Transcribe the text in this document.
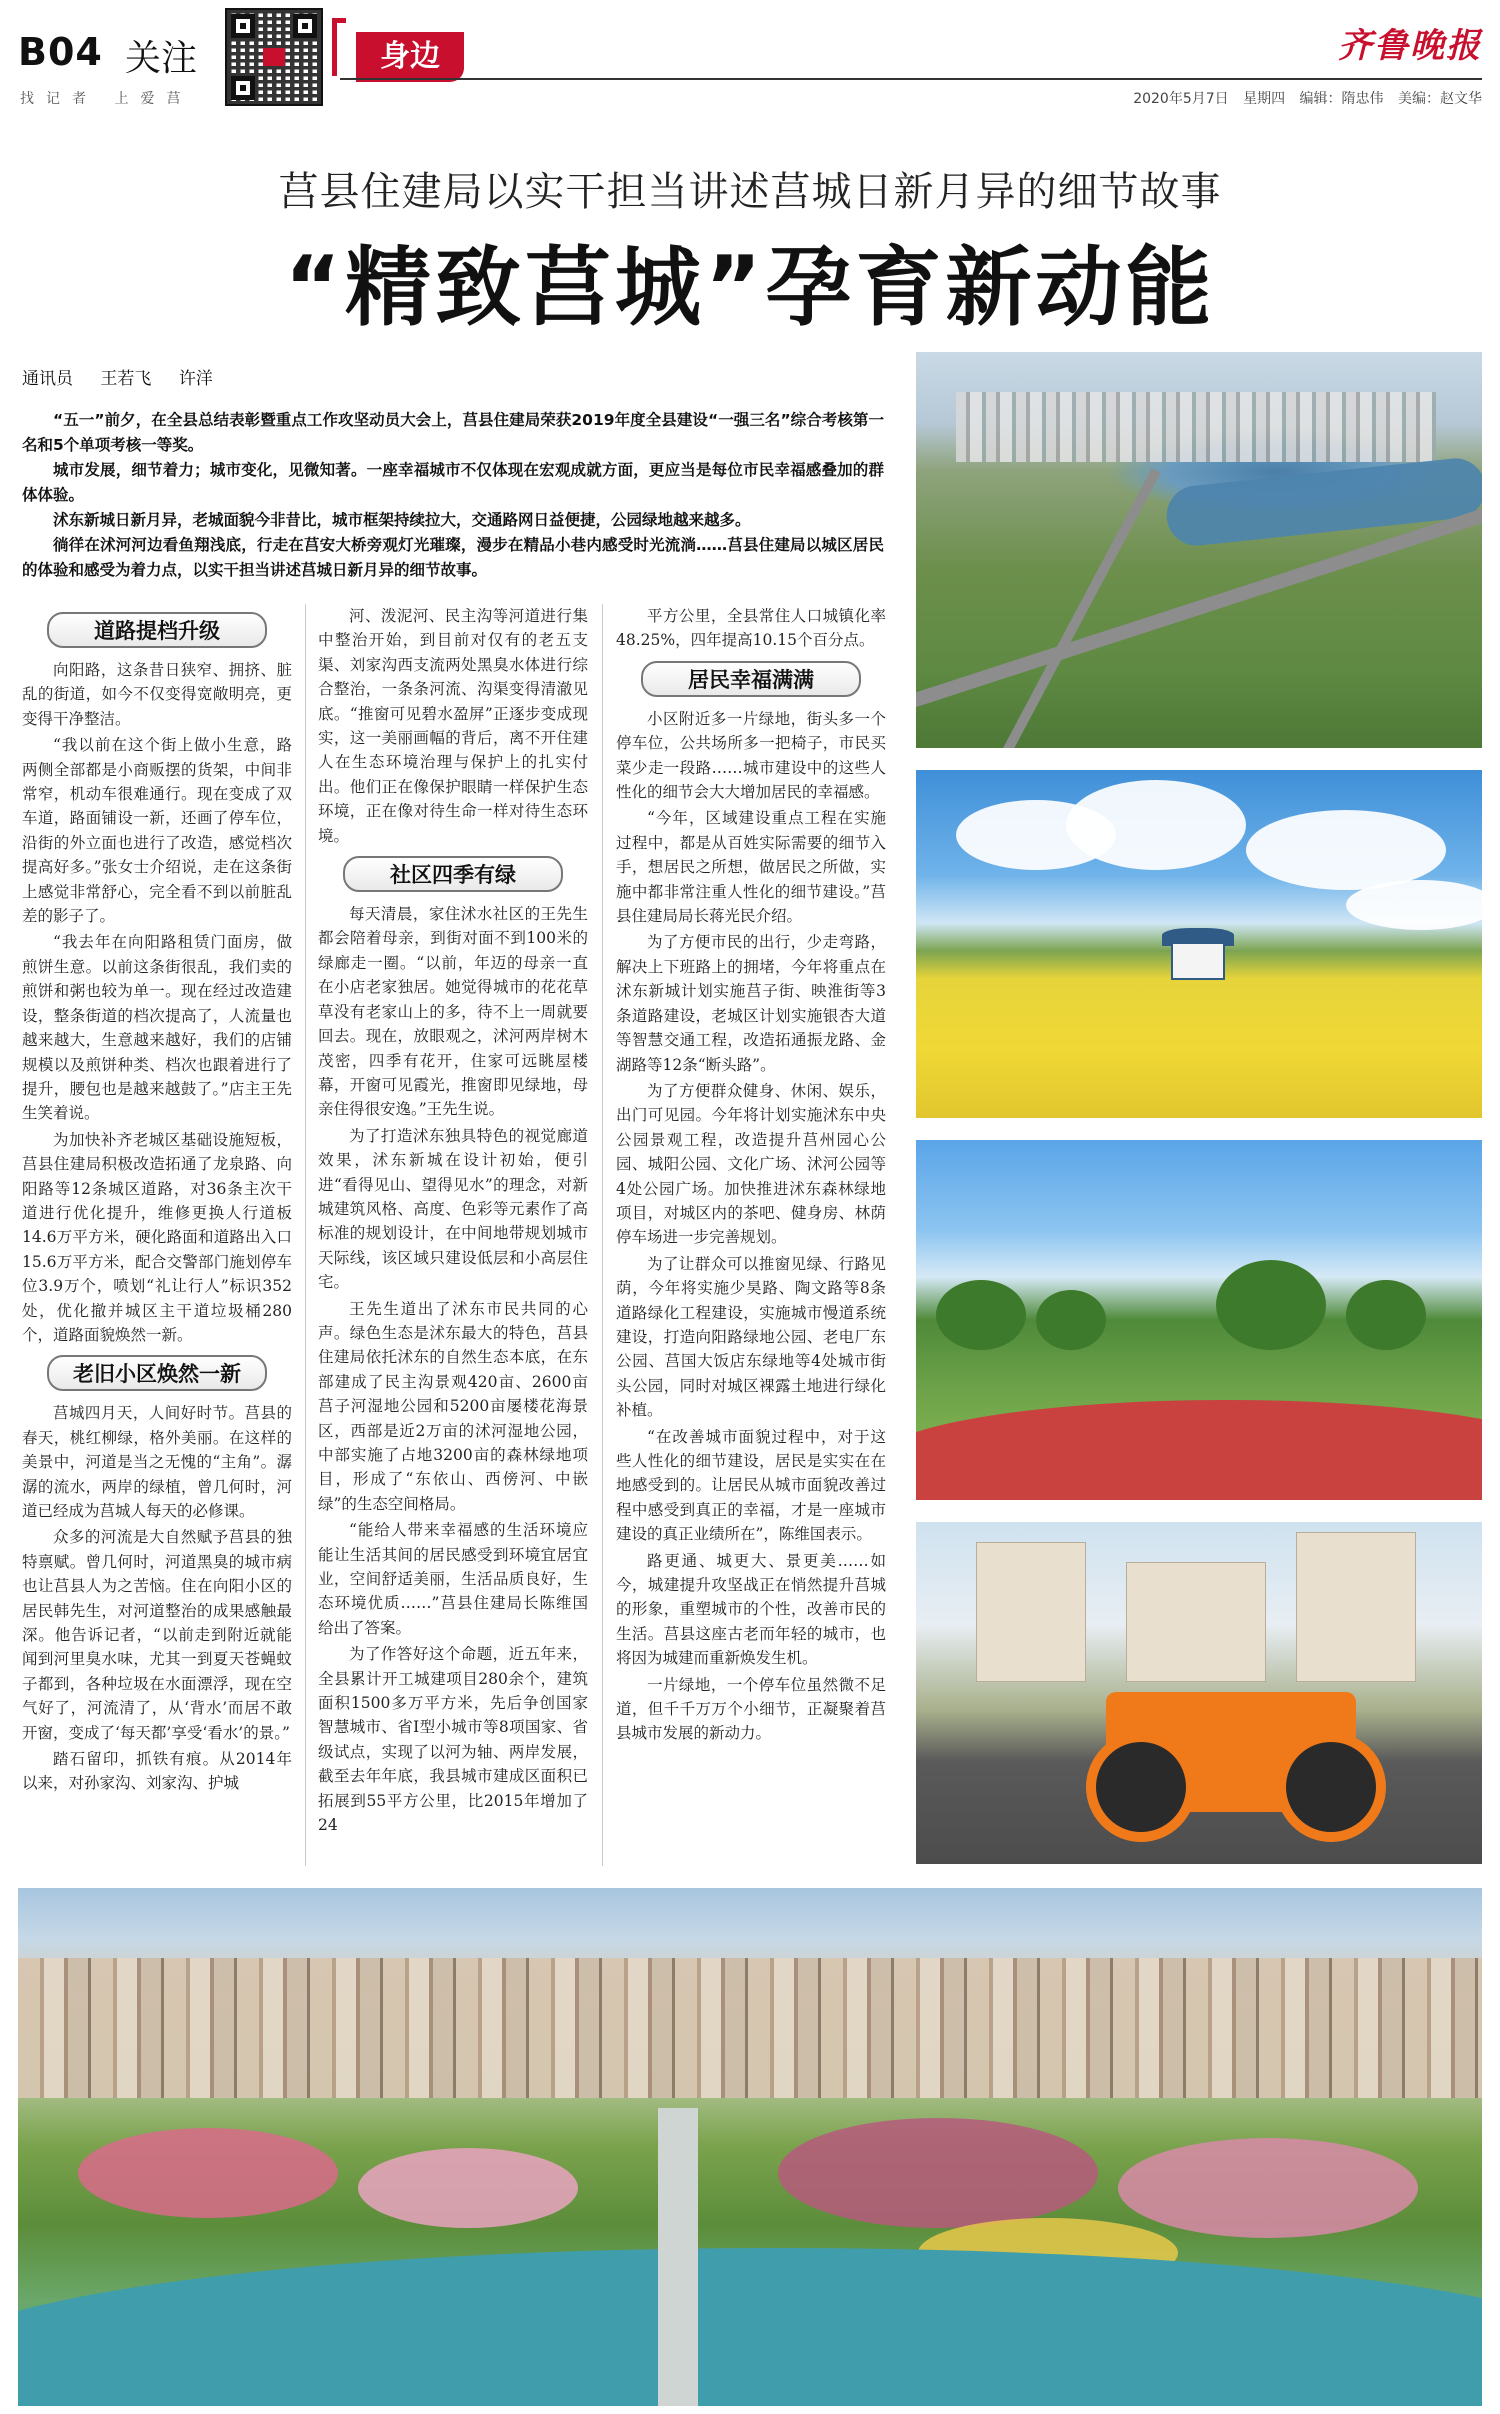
B04 关注
找记者 上爱莒
身边	齐鲁晚报
2020年5月7日 星期四 编辑：隋忠伟 美编：赵文华
莒县住建局以实干担当讲述莒城日新月异的细节故事
“精致莒城”孕育新动能
通讯员 王若飞 许洋

“五一”前夕，在全县总结表彰暨重点工作攻坚动员大会上，莒县住建局荣获2019年度全县建设“一强三名”综合考核第一名和5个单项考核一等奖。

城市发展，细节着力；城市变化，见微知著。一座幸福城市不仅体现在宏观成就方面，更应当是每位市民幸福感叠加的群体体验。

沭东新城日新月异，老城面貌今非昔比，城市框架持续拉大，交通路网日益便捷，公园绿地越来越多。

徜徉在沭河河边看鱼翔浅底，行走在莒安大桥旁观灯光璀璨，漫步在精品小巷内感受时光流淌……莒县住建局以城区居民的体验和感受为着力点，以实干担当讲述莒城日新月异的细节故事。

道路提档升级

向阳路，这条昔日狭窄、拥挤、脏乱的街道，如今不仅变得宽敞明亮，更变得干净整洁。

“我以前在这个街上做小生意，路两侧全部都是小商贩摆的货架，中间非常窄，机动车很难通行。现在变成了双车道，路面铺设一新，还画了停车位，沿街的外立面也进行了改造，感觉档次提高好多。”张女士介绍说，走在这条街上感觉非常舒心，完全看不到以前脏乱差的影子了。

“我去年在向阳路租赁门面房，做煎饼生意。以前这条街很乱，我们卖的煎饼和粥也较为单一。现在经过改造建设，整条街道的档次提高了，人流量也越来越大，生意越来越好，我们的店铺规模以及煎饼种类、档次也跟着进行了提升，腰包也是越来越鼓了。”店主王先生笑着说。

为加快补齐老城区基础设施短板，莒县住建局积极改造拓通了龙泉路、向阳路等12条城区道路，对36条主次干道进行优化提升，维修更换人行道板14.6万平方米，硬化路面和道路出入口15.6万平方米，配合交警部门施划停车位3.9万个，喷划“礼让行人”标识352处，优化撤并城区主干道垃圾桶280个，道路面貌焕然一新。

老旧小区焕然一新

莒城四月天，人间好时节。莒县的春天，桃红柳绿，格外美丽。在这样的美景中，河道是当之无愧的“主角”。潺潺的流水，两岸的绿植，曾几何时，河道已经成为莒城人每天的必修课。

众多的河流是大自然赋予莒县的独特禀赋。曾几何时，河道黑臭的城市病也让莒县人为之苦恼。住在向阳小区的居民韩先生，对河道整治的成果感触最深。他告诉记者，“以前走到附近就能闻到河里臭水味，尤其一到夏天苍蝇蚊子都到，各种垃圾在水面漂浮，现在空气好了，河流清了，从‘背水’而居不敢开窗，变成了‘每天都’享受‘看水’的景。”

踏石留印，抓铁有痕。从2014年以来，对孙家沟、刘家沟、护城

河、泼泥河、民主沟等河道进行集中整治开始，到目前对仅有的老五支渠、刘家沟西支流两处黑臭水体进行综合整治，一条条河流、沟渠变得清澈见底。“推窗可见碧水盈屏”正逐步变成现实，这一美丽画幅的背后，离不开住建人在生态环境治理与保护上的扎实付出。他们正在像保护眼睛一样保护生态环境，正在像对待生命一样对待生态环境。

社区四季有绿

每天清晨，家住沭水社区的王先生都会陪着母亲，到街对面不到100米的绿廊走一圈。“以前，年迈的母亲一直在小店老家独居。她觉得城市的花花草草没有老家山上的多，待不上一周就要回去。现在，放眼观之，沭河两岸树木茂密，四季有花开，住家可远眺屋楼幕，开窗可见霞光，推窗即见绿地，母亲住得很安逸。”王先生说。

为了打造沭东独具特色的视觉廊道效果，沭东新城在设计初始，便引进“看得见山、望得见水”的理念，对新城建筑风格、高度、色彩等元素作了高标准的规划设计，在中间地带规划城市天际线，该区域只建设低层和小高层住宅。

王先生道出了沭东市民共同的心声。绿色生态是沭东最大的特色，莒县住建局依托沭东的自然生态本底，在东部建成了民主沟景观420亩、2600亩莒子河湿地公园和5200亩屡楼花海景区，西部是近2万亩的沭河湿地公园，中部实施了占地3200亩的森林绿地项目，形成了“东依山、西傍河、中嵌绿”的生态空间格局。

“能给人带来幸福感的生活环境应能让生活其间的居民感受到环境宜居宜业，空间舒适美丽，生活品质良好，生态环境优质……”莒县住建局长陈维国给出了答案。

为了作答好这个命题，近五年来，全县累计开工城建项目280余个，建筑面积1500多万平方米，先后争创国家智慧城市、省Ⅰ型小城市等8项国家、省级试点，实现了以河为轴、两岸发展，截至去年年底，我县城市建成区面积已拓展到55平方公里，比2015年增加了24

平方公里，全县常住人口城镇化率48.25%，四年提高10.15个百分点。

居民幸福满满

小区附近多一片绿地，街头多一个停车位，公共场所多一把椅子，市民买菜少走一段路……城市建设中的这些人性化的细节会大大增加居民的幸福感。

“今年，区域建设重点工程在实施过程中，都是从百姓实际需要的细节入手，想居民之所想，做居民之所做，实施中都非常注重人性化的细节建设。”莒县住建局局长蒋光民介绍。

为了方便市民的出行，少走弯路，解决上下班路上的拥堵，今年将重点在沭东新城计划实施莒子街、映淮街等3条道路建设，老城区计划实施银杏大道等智慧交通工程，改造拓通振龙路、金湖路等12条“断头路”。

为了方便群众健身、休闲、娱乐，出门可见园。今年将计划实施沭东中央公园景观工程，改造提升莒州园心公园、城阳公园、文化广场、沭河公园等4处公园广场。加快推进沭东森林绿地项目，对城区内的茶吧、健身房、林荫停车场进一步完善规划。

为了让群众可以推窗见绿、行路见荫，今年将实施少昊路、陶文路等8条道路绿化工程建设，实施城市慢道系统建设，打造向阳路绿地公园、老电厂东公园、莒国大饭店东绿地等4处城市街头公园，同时对城区裸露土地进行绿化补植。

“在改善城市面貌过程中，对于这些人性化的细节建设，居民是实实在在地感受到的。让居民从城市面貌改善过程中感受到真正的幸福，才是一座城市建设的真正业绩所在”，陈维国表示。

路更通、城更大、景更美……如今，城建提升攻坚战正在悄然提升莒城的形象，重塑城市的个性，改善市民的生活。莒县这座古老而年轻的城市，也将因为城建而重新焕发生机。

一片绿地，一个停车位虽然微不足道，但千千万万个小细节，正凝聚着莒县城市发展的新动力。
